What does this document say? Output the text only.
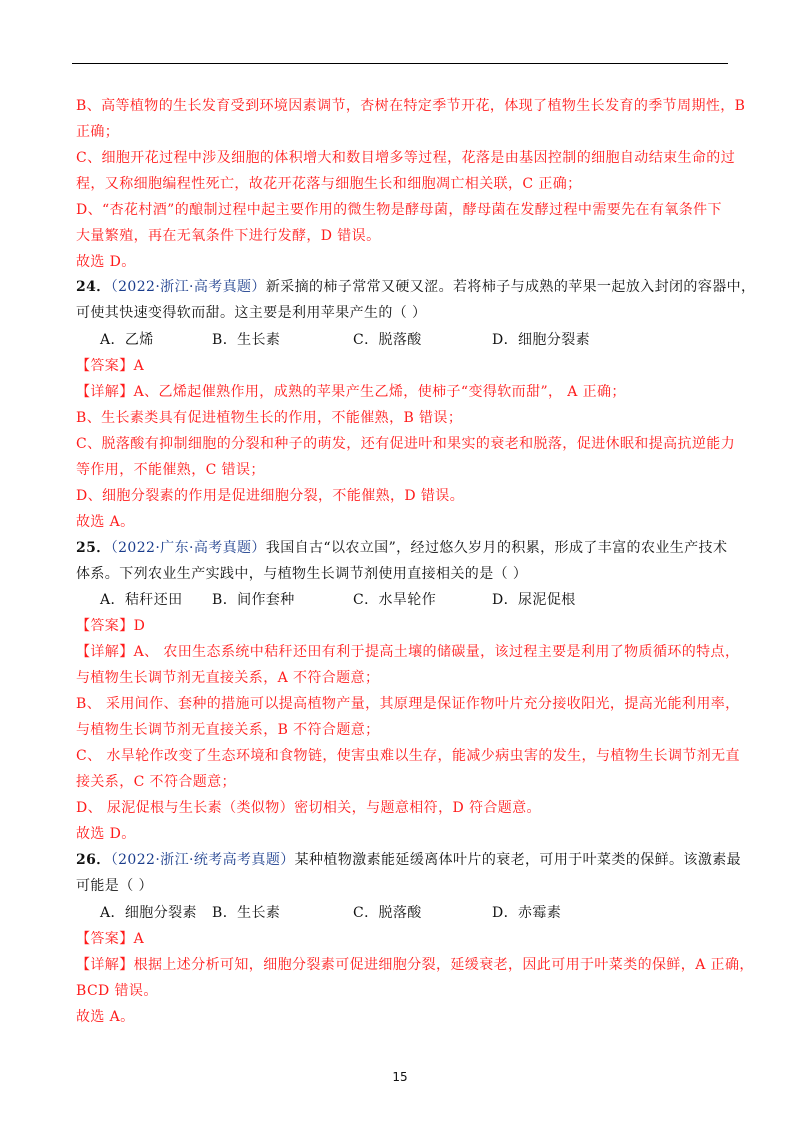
B、高等植物的生长发育受到环境因素调节，杏树在特定季节开花，体现了植物生长发育的季节周期性，B
正确；
C、细胞开花过程中涉及细胞的体积增大和数目增多等过程，花落是由基因控制的细胞自动结束生命的过
程，又称细胞编程性死亡，故花开花落与细胞生长和细胞凋亡相关联，C 正确；
D、“杏花村酒”的酿制过程中起主要作用的微生物是酵母菌，酵母菌在发酵过程中需要先在有氧条件下
大量繁殖，再在无氧条件下进行发酵，D 错误。
故选 D。
24．（2022·浙江·高考真题）新采摘的柿子常常又硬又涩。若将柿子与成熟的苹果一起放入封闭的容器中，
可使其快速变得软而甜。这主要是利用苹果产生的（ ）
A．乙烯	B．生长素	C．脱落酸	D．细胞分裂素
【答案】A
【详解】A、乙烯起催熟作用，成熟的苹果产生乙烯，使柿子“变得软而甜”， A 正确；
B、生长素类具有促进植物生长的作用，不能催熟，B 错误；
C、脱落酸有抑制细胞的分裂和种子的萌发，还有促进叶和果实的衰老和脱落，促进休眠和提高抗逆能力
等作用，不能催熟，C 错误；
D、细胞分裂素的作用是促进细胞分裂，不能催熟，D 错误。
故选 A。
25．（2022·广东·高考真题）我国自古“以农立国”，经过悠久岁月的积累，形成了丰富的农业生产技术
体系。下列农业生产实践中，与植物生长调节剂使用直接相关的是（ ）
A．秸秆还田 B．间作套种	C．水旱轮作	D．尿泥促根
【答案】D
【详解】A、 农田生态系统中秸秆还田有利于提高土壤的储碳量，该过程主要是利用了物质循环的特点，
与植物生长调节剂无直接关系，A 不符合题意；
B、 采用间作、套种的措施可以提高植物产量，其原理是保证作物叶片充分接收阳光，提高光能利用率，
与植物生长调节剂无直接关系，B 不符合题意；
C、 水旱轮作改变了生态环境和食物链，使害虫难以生存，能减少病虫害的发生，与植物生长调节剂无直
接关系，C 不符合题意；
D、 尿泥促根与生长素（类似物）密切相关，与题意相符，D 符合题意。
故选 D。
26．（2022·浙江·统考高考真题）某种植物激素能延缓离体叶片的衰老，可用于叶菜类的保鲜。该激素最
可能是（ ）
A．细胞分裂素 B．生长素	C．脱落酸	D．赤霉素
【答案】A
【详解】根据上述分析可知，细胞分裂素可促进细胞分裂，延缓衰老，因此可用于叶菜类的保鲜，A 正确，
BCD 错误。
故选 A。
15
